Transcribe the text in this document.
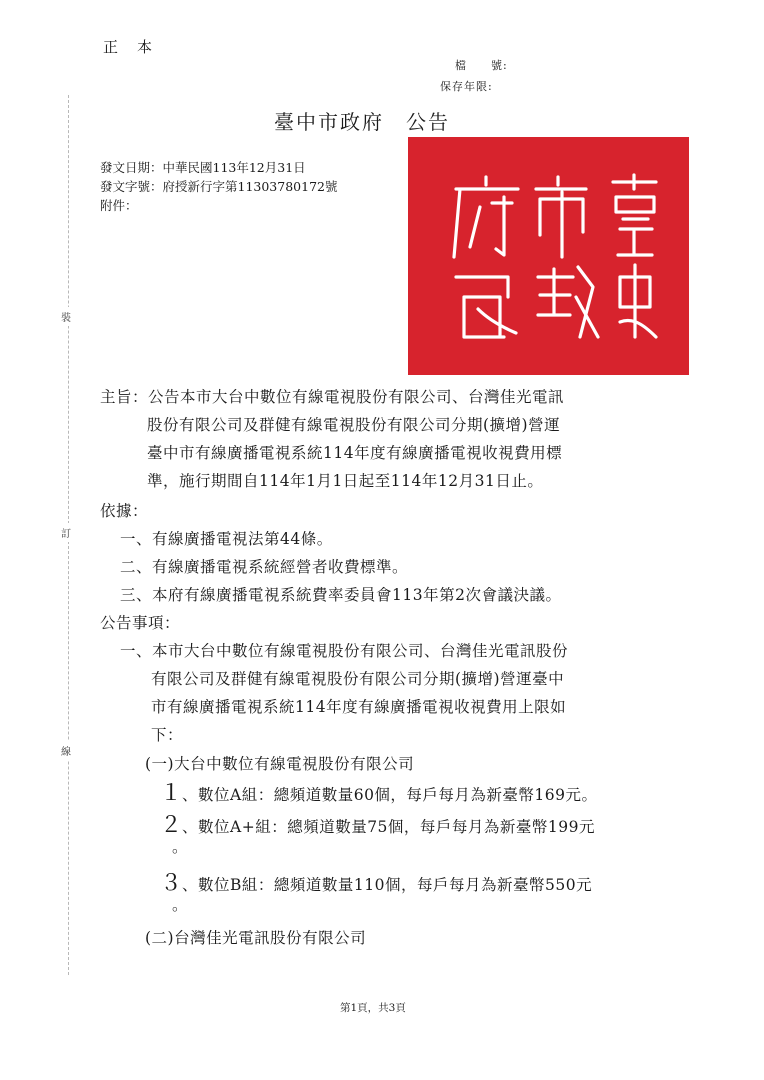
裝
訂
線
正　本
檔　　號:
保存年限:
臺中市政府　公告
發文日期：中華民國113年12月31日
發文字號：府授新行字第11303780172號
附件：
主旨：公告本市大台中數位有線電視股份有限公司、台灣佳光電訊
股份有限公司及群健有線電視股份有限公司分期(擴增)營運
臺中市有線廣播電視系統114年度有線廣播電視收視費用標
準，施行期間自114年1月1日起至114年12月31日止。
依據：
一、有線廣播電視法第44條。
二、有線廣播電視系統經營者收費標準。
三、本府有線廣播電視系統費率委員會113年第2次會議決議。
公告事項：
一、本市大台中數位有線電視股份有限公司、台灣佳光電訊股份
有限公司及群健有線電視股份有限公司分期(擴增)營運臺中
市有線廣播電視系統114年度有線廣播電視收視費用上限如
下：
(一)大台中數位有線電視股份有限公司
１、數位A組：總頻道數量60個，每戶每月為新臺幣169元。
２、數位A+組：總頻道數量75個，每戶每月為新臺幣199元
。
３、數位B組：總頻道數量110個，每戶每月為新臺幣550元
。
(二)台灣佳光電訊股份有限公司
第1頁，共3頁
